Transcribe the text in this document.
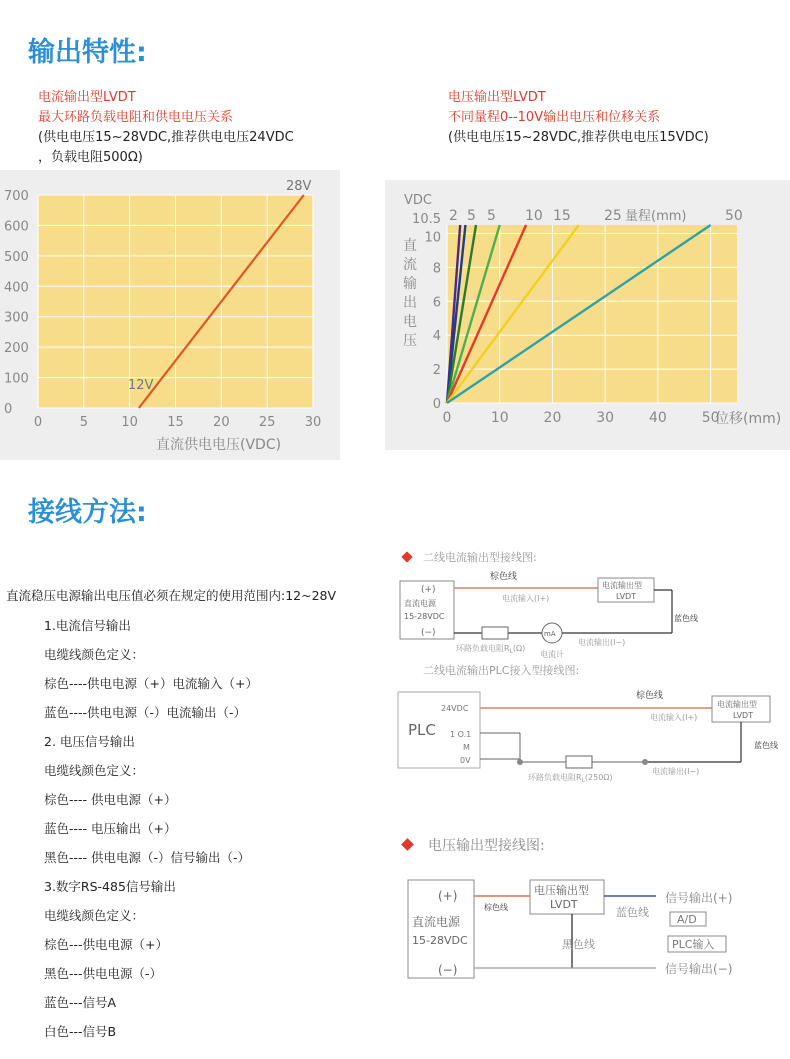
输出特性:
接线方法:
电流输出型LVDT
最大环路负载电阻和供电电压关系
(供电电压15~28VDC,推荐供电电压24VDC
，负载电阻500Ω)
电压输出型LVDT
不同量程0--10V输出电压和位移关系
(供电电压15~28VDC,推荐供电电压15VDC)
0
100
200
300
400
500
600
700
0	5	10 15 20 25 30
12V
28V
直流供电电压(VDC)
0
2
4
6
8
10
10.5
0	10 20 30 40 50
2 5 5 10 15 25	50
VDC
量程(mm)
直流输出电压
位移(mm)
直流稳压电源输出电压值必须在规定的使用范围内:12~28V
1.电流信号输出
电缆线颜色定义：
棕色----供电电源（+）电流输入（+）
蓝色----供电电源（-）电流输出（-）
2. 电压信号输出
电缆线颜色定义：
棕色---- 供电电源（+）
蓝色---- 电压输出（+）
黑色---- 供电电源（-）信号输出（-）
3.数字RS-485信号输出
电缆线颜色定义：
棕色---供电电源（+）
黑色---供电电源（-）
蓝色---信号A
白色---信号B
二线电流输出型接线图:
(+)
直流电源
15-28VDC
(−)
棕色线
电流输入(I+)
电流输出型
LVDT
蓝色线
电流输出(I−)
mA
环路负载电阻$R_L(\Omega)$
电流计
二线电流输出PLC接入型接线图:
PLC
24VDC
1 O.1
M
0V
棕色线
电流输入(I+)
电流输出型
LVDT
蓝色线
电流输出(I−)
环路负载电阻$R_L(250\Omega)$
电压输出型接线图:
(+)
直流电源
15-28VDC
(−)
棕色线
电压输出型
LVDT
蓝色线
信号输出(+)
黑色线
A/D
PLC输入
信号输出(−)
